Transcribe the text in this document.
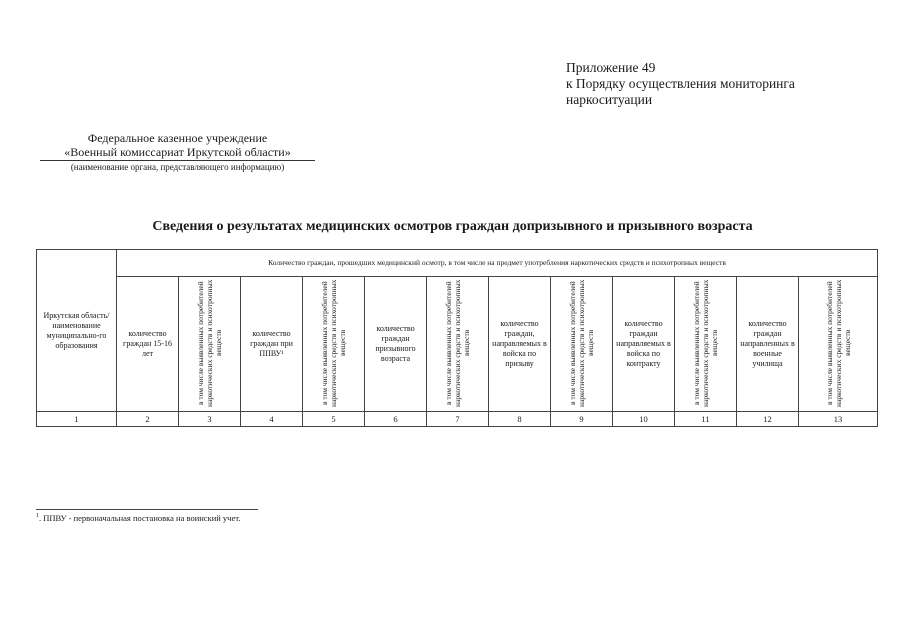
Приложение 49
к Порядку осуществления мониторинга
наркоситуации
Федеральное казенное учреждение
«Военный комиссариат Иркутской области»
(наименование органа, представляющего информацию)
Сведения о результатах медицинских осмотров граждан допризывного и призывного возраста
Иркутская область/ наименование муниципально-го образования	Количество граждан, прошедших медицинский осмотр, в том числе на предмет употребления наркотических средств и психотропных веществ											
	количество граждан 15-16 лет	в том числе выявленных потребителей наркотических средств и психотропных веществ	количество граждан при ППВУ¹	в том числе выявленных потребителей наркотических средств и психотропных веществ	количество граждан призывного возраста	в том числе выявленных потребителей наркотических средств и психотропных веществ	количество граждан, направляемых в войска по призыву	в том числе выявленных потребителей наркотических средств и психотропных веществ	количество граждан направляемых в войска по контракту	в том числе выявленных потребителей наркотических средств и психотропных веществ	количество граждан направленных в военные училища	в том числе выявленных потребителей наркотических средств и психотропных веществ
1	2	3	4	5	6	7	8	9	10	11	12	13
$^1$. ППВУ - первоначальная постановка на воинский учет.
